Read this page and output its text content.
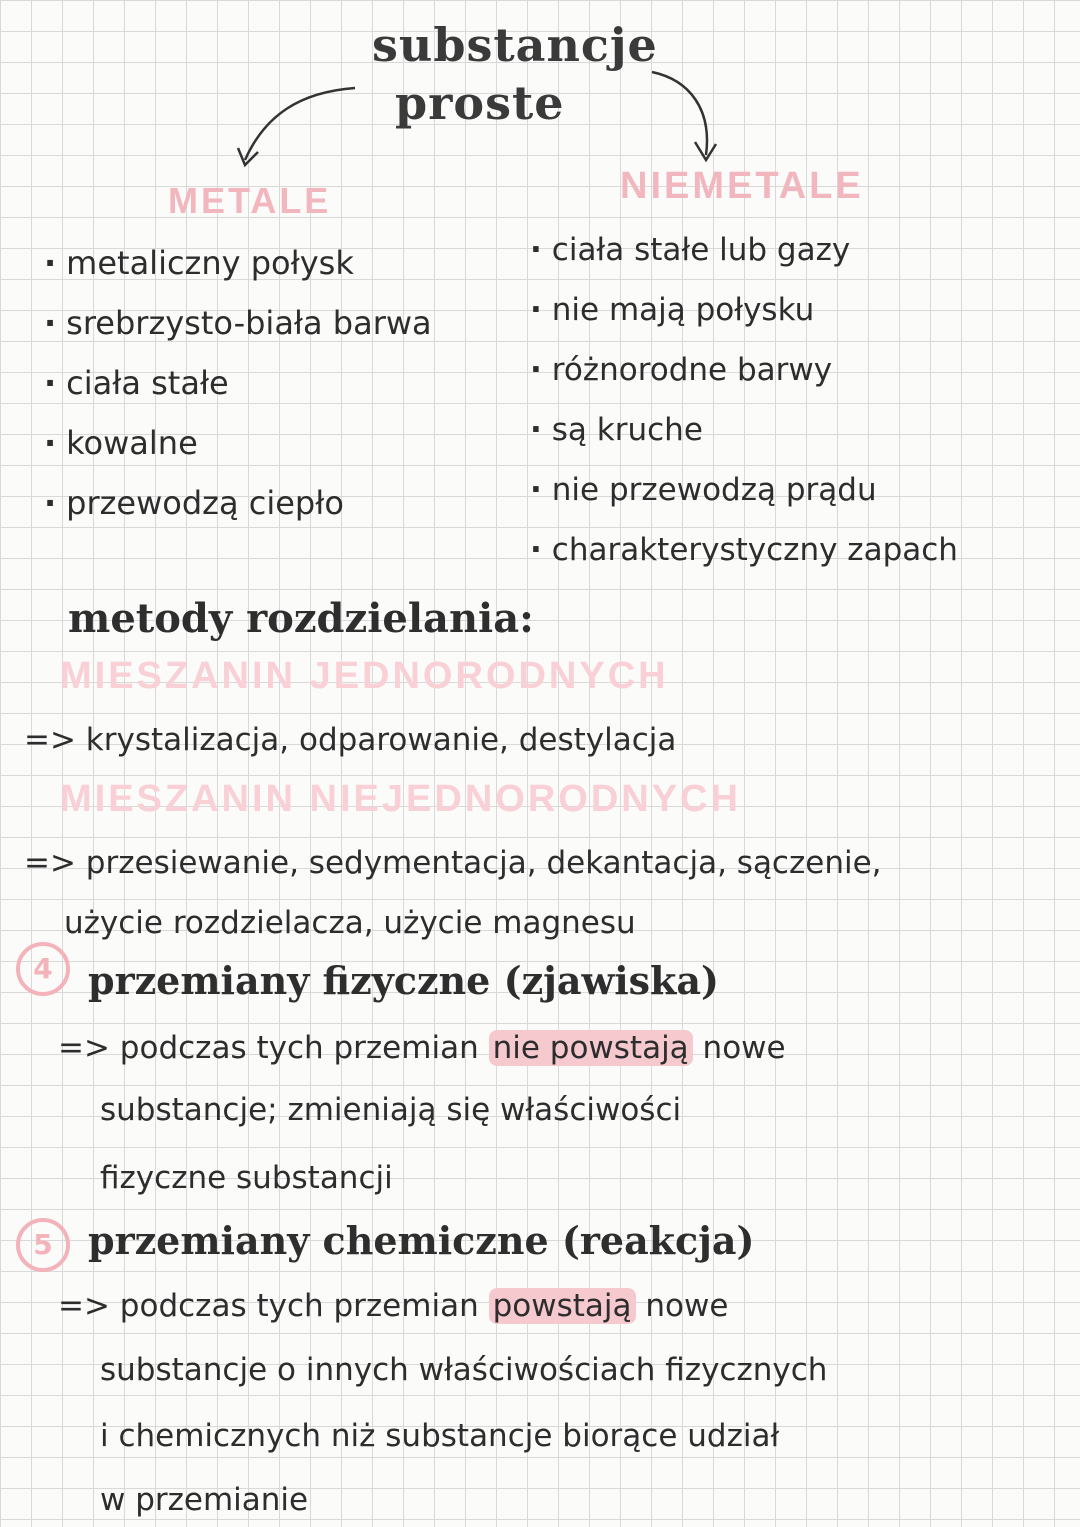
substancje
proste
METALE	NIEMETALE
· metaliczny połysk
· srebrzysto-biała barwa
· ciała stałe
· kowalne
· przewodzą ciepło
· ciała stałe lub gazy
· nie mają połysku
· różnorodne barwy
· są kruche
· nie przewodzą prądu
· charakterystyczny zapach
metody rozdzielania:
MIESZANIN JEDNORODNYCH
=> krystalizacja, odparowanie, destylacja
MIESZANIN NIEJEDNORODNYCH
=> przesiewanie, sedymentacja, dekantacja, sączenie,
użycie rozdzielacza, użycie magnesu
4 przemiany fizyczne (zjawiska)
=> podczas tych przemian nie powstają nowe
substancje; zmieniają się właściwości
fizyczne substancji
5 przemiany chemiczne (reakcja)
=> podczas tych przemian powstają nowe
substancje o innych właściwościach fizycznych
i chemicznych niż substancje biorące udział
w przemianie
